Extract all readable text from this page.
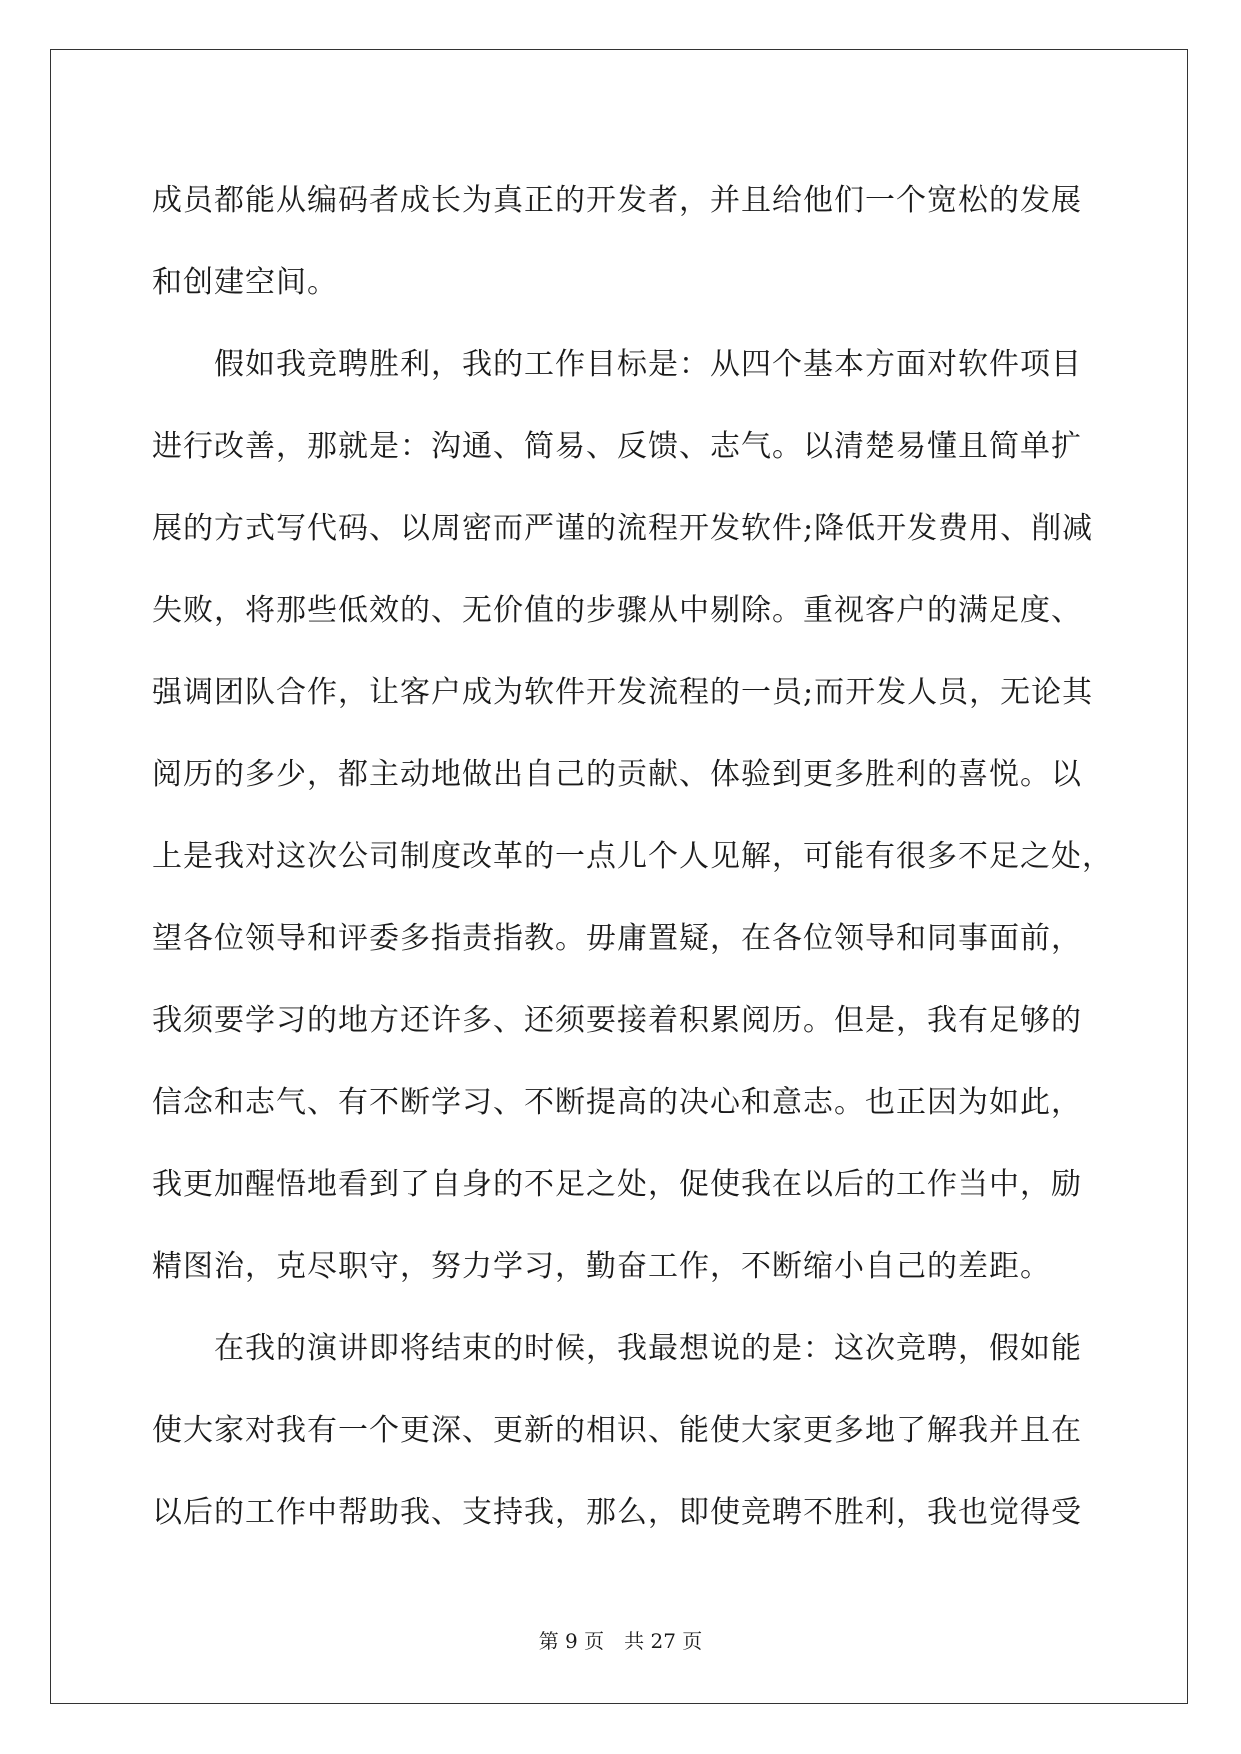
成员都能从编码者成长为真正的开发者，并且给他们一个宽松的发展
和创建空间。
　　假如我竞聘胜利，我的工作目标是：从四个基本方面对软件项目
进行改善，那就是：沟通、简易、反馈、志气。以清楚易懂且简单扩
展的方式写代码、以周密而严谨的流程开发软件;降低开发费用、削减
失败，将那些低效的、无价值的步骤从中剔除。重视客户的满足度、
强调团队合作，让客户成为软件开发流程的一员;而开发人员，无论其
阅历的多少，都主动地做出自己的贡献、体验到更多胜利的喜悦。以
上是我对这次公司制度改革的一点儿个人见解，可能有很多不足之处，
望各位领导和评委多指责指教。毋庸置疑，在各位领导和同事面前，
我须要学习的地方还许多、还须要接着积累阅历。但是，我有足够的
信念和志气、有不断学习、不断提高的决心和意志。也正因为如此，
我更加醒悟地看到了自身的不足之处，促使我在以后的工作当中，励
精图治，克尽职守，努力学习，勤奋工作，不断缩小自己的差距。
　　在我的演讲即将结束的时候，我最想说的是：这次竞聘，假如能
使大家对我有一个更深、更新的相识、能使大家更多地了解我并且在
以后的工作中帮助我、支持我，那么，即使竞聘不胜利，我也觉得受
第 9 页　共 27 页
